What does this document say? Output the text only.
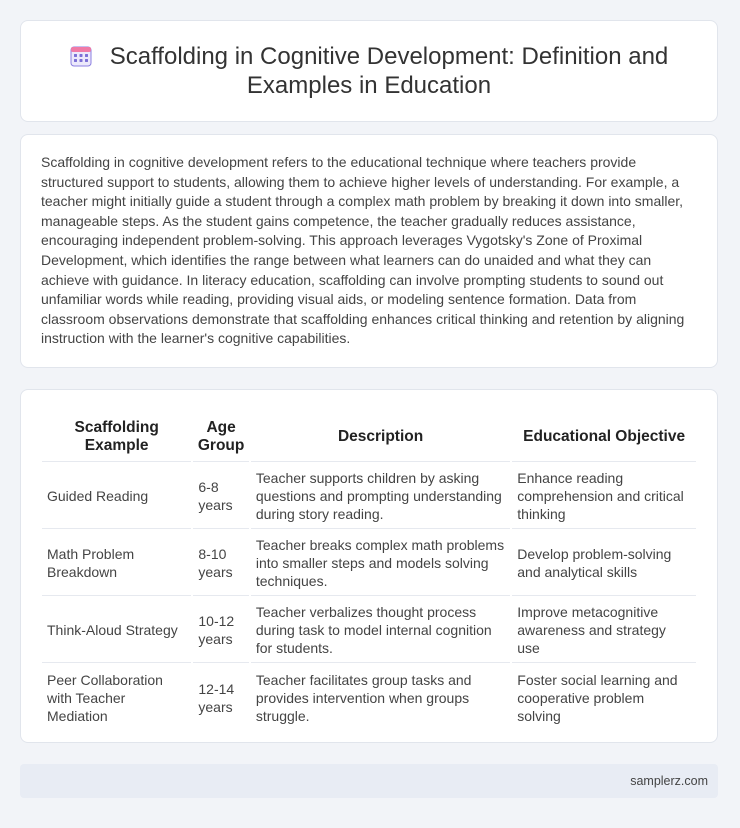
Scaffolding in Cognitive Development: Definition and Examples in Education

Scaffolding in cognitive development refers to the educational technique where teachers provide structured support to students, allowing them to achieve higher levels of understanding. For example, a teacher might initially guide a student through a complex math problem by breaking it down into smaller, manageable steps. As the student gains competence, the teacher gradually reduces assistance, encouraging independent problem-solving. This approach leverages Vygotsky's Zone of Proximal Development, which identifies the range between what learners can do unaided and what they can achieve with guidance. In literacy education, scaffolding can involve prompting students to sound out unfamiliar words while reading, providing visual aids, or modeling sentence formation. Data from classroom observations demonstrate that scaffolding enhances critical thinking and retention by aligning instruction with the learner's cognitive capabilities.

Scaffolding Example	Age Group	Description	Educational Objective
Guided Reading	6-8 years	Teacher supports children by asking questions and prompting understanding during story reading.	Enhance reading comprehension and critical thinking
Math Problem Breakdown	8-10 years	Teacher breaks complex math problems into smaller steps and models solving techniques.	Develop problem-solving and analytical skills
Think-Aloud Strategy	10-12 years	Teacher verbalizes thought process during task to model internal cognition for students.	Improve metacognitive awareness and strategy use
Peer Collaboration with Teacher Mediation	12-14 years	Teacher facilitates group tasks and provides intervention when groups struggle.	Foster social learning and cooperative problem solving
samplerz.com
